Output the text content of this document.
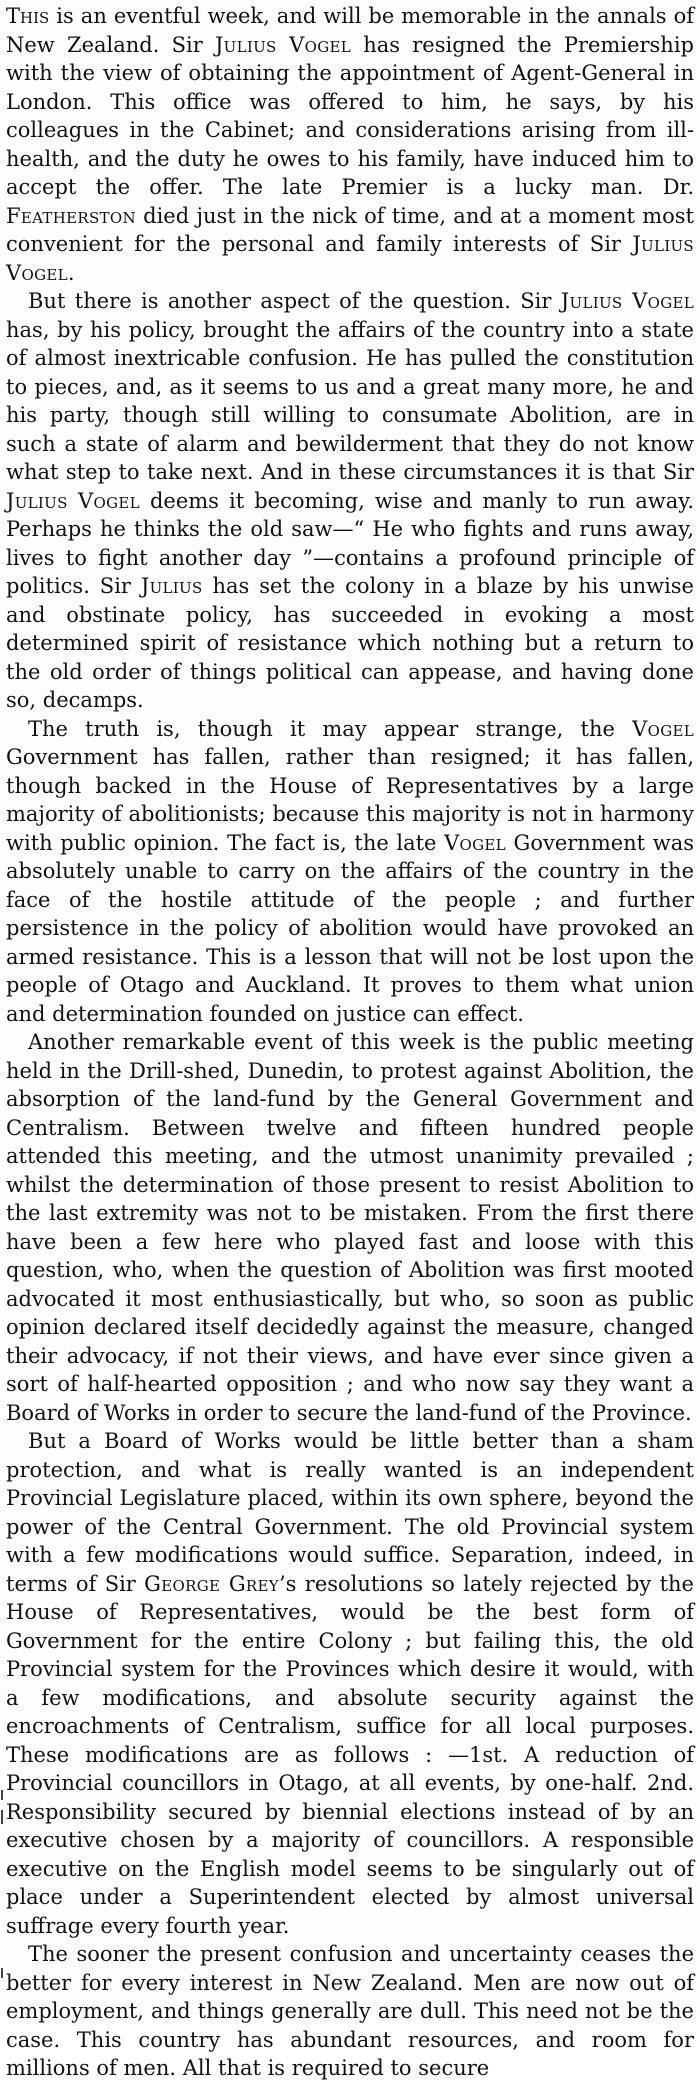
This is an eventful week, and will be memorable in the annals of New Zealand. Sir Julius Vogel has resigned the Premiership with the view of obtaining the appointment of Agent-General in London. This office was offered to him, he says, by his colleagues in the Cabinet; and considerations arising from ill-health, and the duty he owes to his family, have induced him to accept the offer. The late Premier is a lucky man. Dr. Featherston died just in the nick of time, and at a moment most convenient for the personal and family interests of Sir Julius Vogel.

But there is another aspect of the question. Sir Julius Vogel has, by his policy, brought the affairs of the country into a state of almost inextricable confusion. He has pulled the constitution to pieces, and, as it seems to us and a great many more, he and his party, though still willing to consumate Abolition, are in such a state of alarm and bewilderment that they do not know what step to take next. And in these circumstances it is that Sir Julius Vogel deems it becoming, wise and manly to run away. Perhaps he thinks the old saw—“ He who fights and runs away, lives to fight another day ”—contains a profound principle of politics. Sir Julius has set the colony in a blaze by his unwise and obstinate policy, has succeeded in evoking a most determined spirit of resistance which nothing but a return to the old order of things political can appease, and having done so, decamps.

The truth is, though it may appear strange, the Vogel Government has fallen, rather than resigned; it has fallen, though backed in the House of Representatives by a large majority of abolitionists; because this majority is not in harmony with public opinion. The fact is, the late Vogel Government was absolutely unable to carry on the affairs of the country in the face of the hostile attitude of the people ; and further persistence in the policy of abolition would have provoked an armed resistance. This is a lesson that will not be lost upon the people of Otago and Auckland. It proves to them what union and determination founded on justice can effect.

Another remarkable event of this week is the public meeting held in the Drill-shed, Dunedin, to protest against Abolition, the absorption of the land-fund by the General Government and Centralism. Between twelve and fifteen hundred people attended this meeting, and the utmost unanimity prevailed ; whilst the determination of those present to resist Abolition to the last extremity was not to be mistaken. From the first there have been a few here who played fast and loose with this question, who, when the question of Abolition was first mooted advocated it most enthusiastically, but who, so soon as public opinion declared itself decidedly against the measure, changed their advocacy, if not their views, and have ever since given a sort of half-hearted opposition ; and who now say they want a Board of Works in order to secure the land-fund of the Province.

But a Board of Works would be little better than a sham protection, and what is really wanted is an independent Provincial Legislature placed, within its own sphere, beyond the power of the Central Government. The old Provincial system with a few modifications would suffice. Separation, indeed, in terms of Sir George Grey’s resolutions so lately rejected by the House of Representatives, would be the best form of Government for the entire Colony ; but failing this, the old Provincial system for the Provinces which desire it would, with a few modifications, and absolute security against the encroachments of Centralism, suffice for all local purposes. These modifications are as follows : —1st. A reduction of Provincial councillors in Otago, at all events, by one-half. 2nd. Responsibility secured by biennial elections instead of by an executive chosen by a majority of councillors. A responsible executive on the English model seems to be singularly out of place under a Superintendent elected by almost universal suffrage every fourth year.

The sooner the present confusion and uncertainty ceases the better for every interest in New Zealand. Men are now out of employment, and things generally are dull. This need not be the case. This country has abundant resources, and room for millions of men. All that is required to secure
